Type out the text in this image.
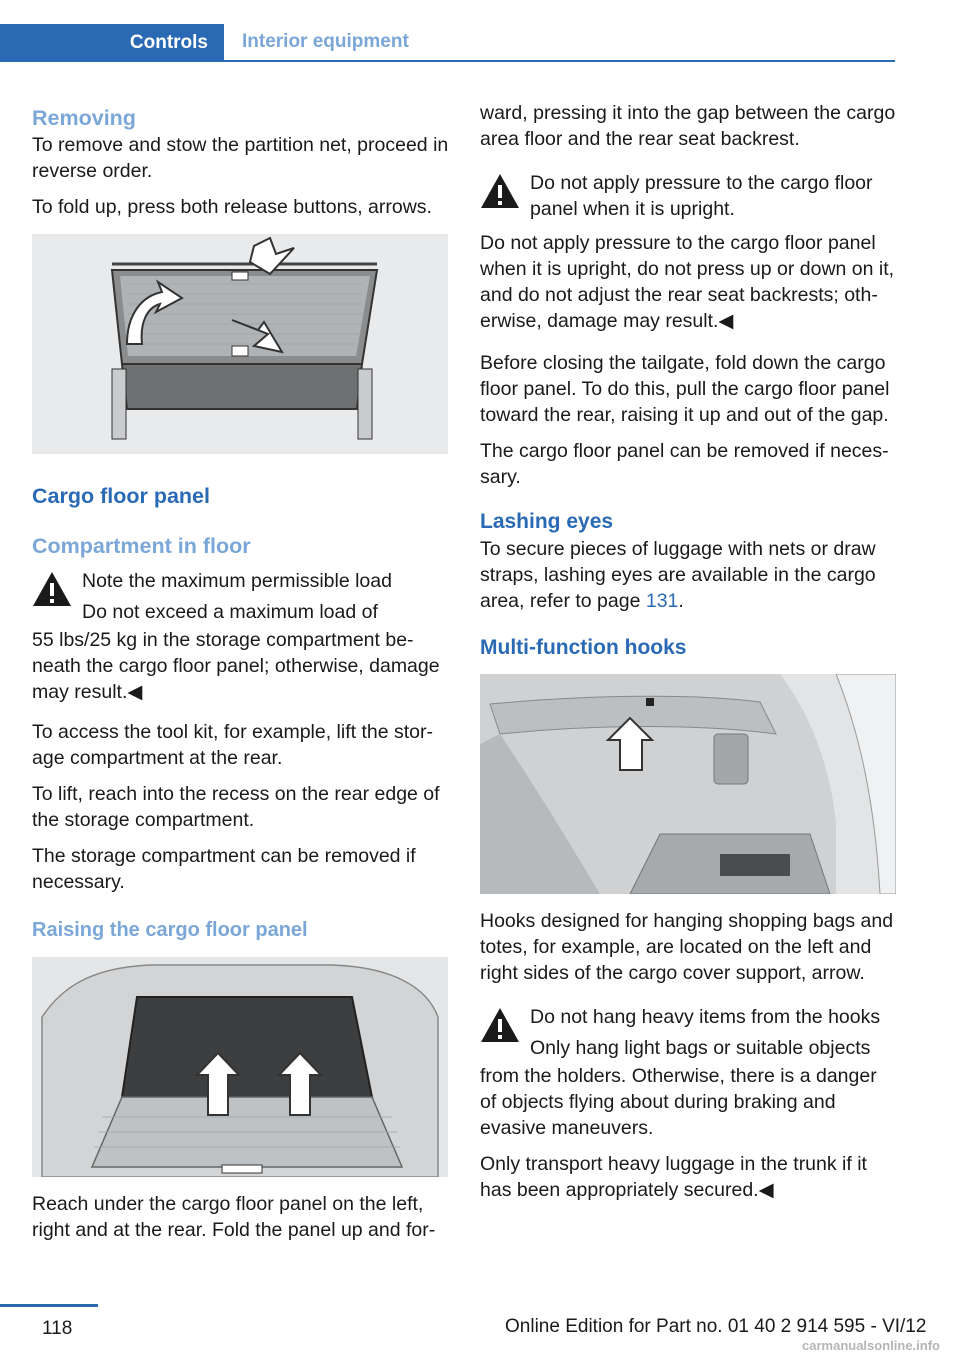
Controls	Interior equipment
Removing

To remove and stow the partition net, proceed in reverse order.

To fold up, press both release buttons, arrows.

Cargo floor panel
Compartment in floor
Note the maximum permissible load
Do not exceed a maximum load of

55 lbs/25 kg in the storage compartment be-neath the cargo floor panel; otherwise, damage may result.◀

To access the tool kit, for example, lift the stor-age compartment at the rear.

To lift, reach into the recess on the rear edge of the storage compartment.

The storage compartment can be removed if necessary.

Raising the cargo floor panel

Reach under the cargo floor panel on the left, right and at the rear. Fold the panel up and for-

ward, pressing it into the gap between the cargo area floor and the rear seat backrest.

Do not apply pressure to the cargo floor panel when it is upright.

Do not apply pressure to the cargo floor panel when it is upright, do not press up or down on it, and do not adjust the rear seat backrests; oth-erwise, damage may result.◀

Before closing the tailgate, fold down the cargo floor panel. To do this, pull the cargo floor panel toward the rear, raising it up and out of the gap.

The cargo floor panel can be removed if neces-sary.

Lashing eyes

To secure pieces of luggage with nets or draw straps, lashing eyes are available in the cargo area, refer to page 131.

Multi-function hooks

Hooks designed for hanging shopping bags and totes, for example, are located on the left and right sides of the cargo cover support, arrow.

Do not hang heavy items from the hooks
Only hang light bags or suitable objects

from the holders. Otherwise, there is a danger of objects flying about during braking and evasive maneuvers.

Only transport heavy luggage in the trunk if it has been appropriately secured.◀

118	Online Edition for Part no. 01 40 2 914 595 - VI/12
carmanualsonline.info
